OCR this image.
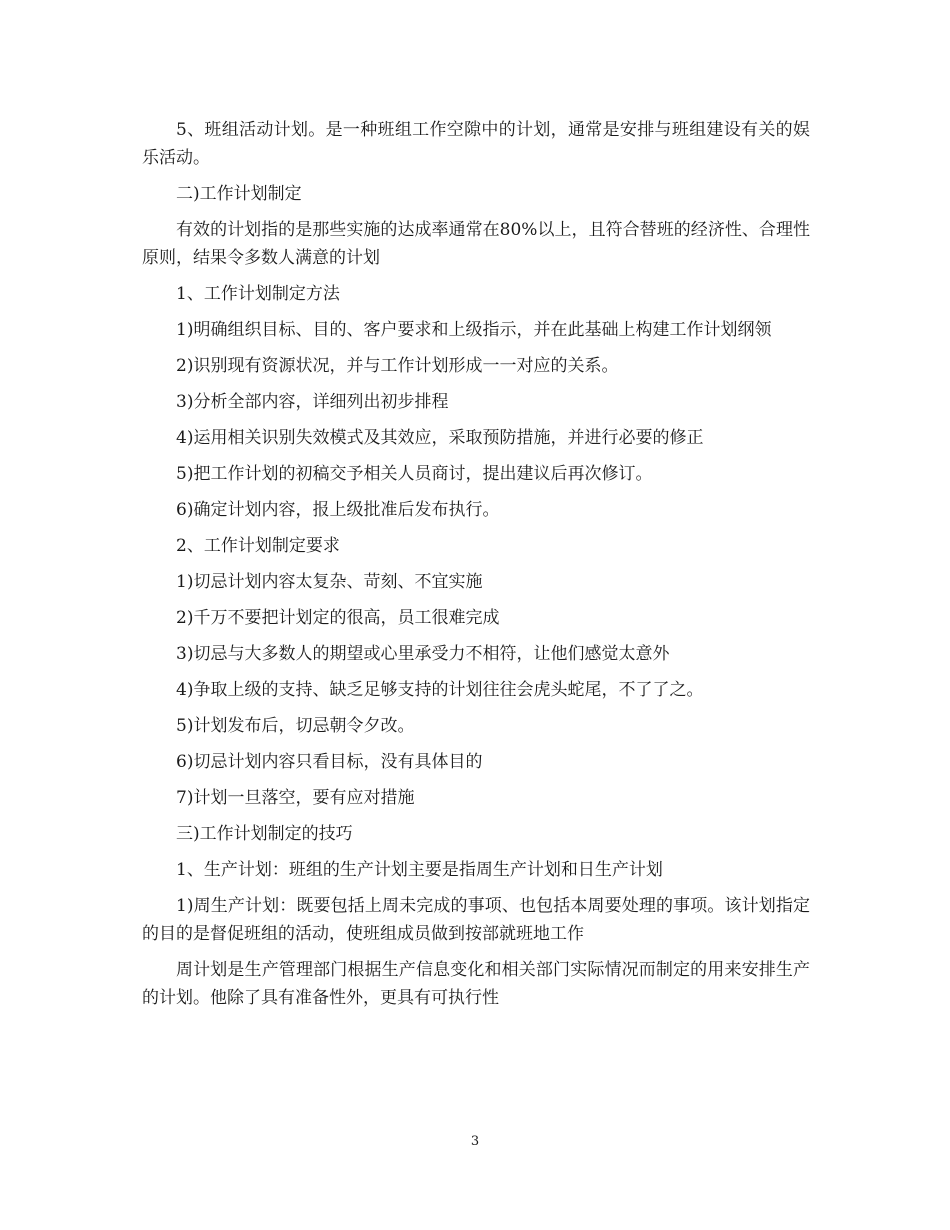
5、班组活动计划。是一种班组工作空隙中的计划，通常是安排与班组建设有关的娱乐活动。

二)工作计划制定

有效的计划指的是那些实施的达成率通常在80%以上，且符合替班的经济性、合理性原则，结果令多数人满意的计划

1、工作计划制定方法

1)明确组织目标、目的、客户要求和上级指示，并在此基础上构建工作计划纲领

2)识别现有资源状况，并与工作计划形成一一对应的关系。

3)分析全部内容，详细列出初步排程

4)运用相关识别失效模式及其效应，采取预防措施，并进行必要的修正

5)把工作计划的初稿交予相关人员商讨，提出建议后再次修订。

6)确定计划内容，报上级批准后发布执行。

2、工作计划制定要求

1)切忌计划内容太复杂、苛刻、不宜实施

2)千万不要把计划定的很高，员工很难完成

3)切忌与大多数人的期望或心里承受力不相符，让他们感觉太意外

4)争取上级的支持、缺乏足够支持的计划往往会虎头蛇尾，不了了之。

5)计划发布后，切忌朝令夕改。

6)切忌计划内容只看目标，没有具体目的

7)计划一旦落空，要有应对措施

三)工作计划制定的技巧

1、生产计划：班组的生产计划主要是指周生产计划和日生产计划

1)周生产计划：既要包括上周未完成的事项、也包括本周要处理的事项。该计划指定的目的是督促班组的活动，使班组成员做到按部就班地工作

周计划是生产管理部门根据生产信息变化和相关部门实际情况而制定的用来安排生产的计划。他除了具有准备性外，更具有可执行性

3
